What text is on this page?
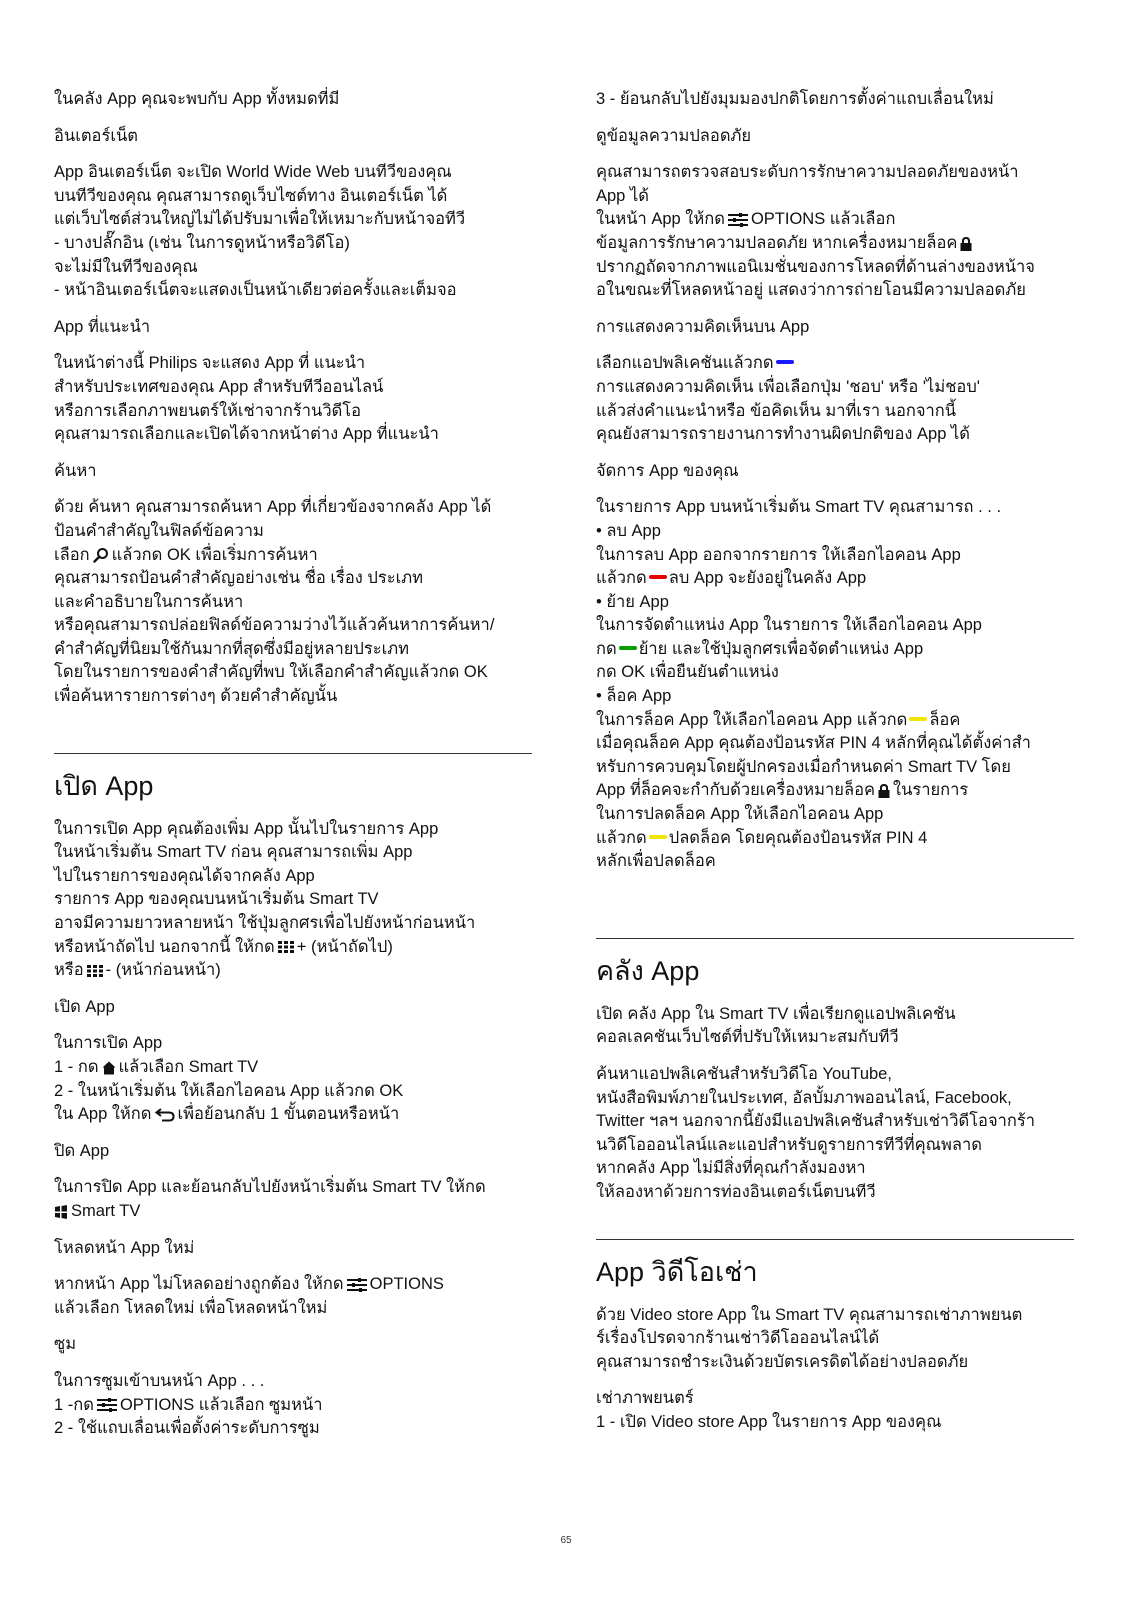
ในคลัง App คุณจะพบกับ App ทั้งหมดที่มี
อินเตอร์เน็ต
App อินเตอร์เน็ต จะเปิด World Wide Web บนทีวีของคุณ
บนทีวีของคุณ คุณสามารถดูเว็บไซต์ทาง อินเตอร์เน็ต ได้
แต่เว็บไซต์ส่วนใหญ่ไม่ได้ปรับมาเพื่อให้เหมาะกับหน้าจอทีวี
- บางปลั๊กอิน (เช่น ในการดูหน้าหรือวิดีโอ)
จะไม่มีในทีวีของคุณ
- หน้าอินเตอร์เน็ตจะแสดงเป็นหน้าเดียวต่อครั้งและเต็มจอ
App ที่แนะนำ
ในหน้าต่างนี้ Philips จะแสดง App ที่ แนะนำ
สำหรับประเทศของคุณ App สำหรับทีวีออนไลน์
หรือการเลือกภาพยนตร์ให้เช่าจากร้านวิดีโอ
คุณสามารถเลือกและเปิดได้จากหน้าต่าง App ที่แนะนำ
ค้นหา
ด้วย ค้นหา คุณสามารถค้นหา App ที่เกี่ยวข้องจากคลัง App ได้
ป้อนคำสำคัญในฟิลด์ข้อความ
เลือก แล้วกด OK เพื่อเริ่มการค้นหา
คุณสามารถป้อนคำสำคัญอย่างเช่น ชื่อ เรื่อง ประเภท
และคำอธิบายในการค้นหา
หรือคุณสามารถปล่อยฟิลด์ข้อความว่างไว้แล้วค้นหาการค้นหา/
คำสำคัญที่นิยมใช้กันมากที่สุดซึ่งมีอยู่หลายประเภท
โดยในรายการของคำสำคัญที่พบ ให้เลือกคำสำคัญแล้วกด OK
เพื่อค้นหารายการต่างๆ ด้วยคำสำคัญนั้น
เปิด App
ในการเปิด App คุณต้องเพิ่ม App นั้นไปในรายการ App
ในหน้าเริ่มต้น Smart TV ก่อน คุณสามารถเพิ่ม App
ไปในรายการของคุณได้จากคลัง App
รายการ App ของคุณบนหน้าเริ่มต้น Smart TV
อาจมีความยาวหลายหน้า ใช้ปุ่มลูกศรเพื่อไปยังหน้าก่อนหน้า
หรือหน้าถัดไป นอกจากนี้ ให้กด + (หน้าถัดไป)
หรือ - (หน้าก่อนหน้า)
เปิด App
ในการเปิด App
1 - กด แล้วเลือก Smart TV
2 - ในหน้าเริ่มต้น ให้เลือกไอคอน App แล้วกด OK
ใน App ให้กด เพื่อย้อนกลับ 1 ขั้นตอนหรือหน้า
ปิด App
ในการปิด App และย้อนกลับไปยังหน้าเริ่มต้น Smart TV ให้กด
Smart TV
โหลดหน้า App ใหม่
หากหน้า App ไม่โหลดอย่างถูกต้อง ให้กด OPTIONS
แล้วเลือก โหลดใหม่ เพื่อโหลดหน้าใหม่
ซูม
ในการซูมเข้าบนหน้า App . . .
1 -กด OPTIONS แล้วเลือก ซูมหน้า
2 - ใช้แถบเลื่อนเพื่อตั้งค่าระดับการซูม
3 - ย้อนกลับไปยังมุมมองปกติโดยการตั้งค่าแถบเลื่อนใหม่
ดูข้อมูลความปลอดภัย
คุณสามารถตรวจสอบระดับการรักษาความปลอดภัยของหน้า
App ได้
ในหน้า App ให้กด OPTIONS แล้วเลือก
ข้อมูลการรักษาความปลอดภัย หากเครื่องหมายล็อค
ปรากฏถัดจากภาพแอนิเมชั่นของการโหลดที่ด้านล่างของหน้าจ
อในขณะที่โหลดหน้าอยู่ แสดงว่าการถ่ายโอนมีความปลอดภัย
การแสดงความคิดเห็นบน App
เลือกแอปพลิเคชันแล้วกด
การแสดงความคิดเห็น เพื่อเลือกปุ่ม 'ชอบ' หรือ 'ไม่ชอบ'
แล้วส่งคำแนะนำหรือ ข้อคิดเห็น มาที่เรา นอกจากนี้
คุณยังสามารถรายงานการทำงานผิดปกติของ App ได้
จัดการ App ของคุณ
ในรายการ App บนหน้าเริ่มต้น Smart TV คุณสามารถ . . .
• ลบ App
ในการลบ App ออกจากรายการ ให้เลือกไอคอน App
แล้วกด ลบ App จะยังอยู่ในคลัง App
• ย้าย App
ในการจัดตำแหน่ง App ในรายการ ให้เลือกไอคอน App
กด ย้าย และใช้ปุ่มลูกศรเพื่อจัดตำแหน่ง App
กด OK เพื่อยืนยันตำแหน่ง
• ล็อค App
ในการล็อค App ให้เลือกไอคอน App แล้วกด ล็อค
เมื่อคุณล็อค App คุณต้องป้อนรหัส PIN 4 หลักที่คุณได้ตั้งค่าสำ
หรับการควบคุมโดยผู้ปกครองเมื่อกำหนดค่า Smart TV โดย
App ที่ล็อคจะกำกับด้วยเครื่องหมายล็อค ในรายการ
ในการปลดล็อค App ให้เลือกไอคอน App
แล้วกด ปลดล็อค โดยคุณต้องป้อนรหัส PIN 4
หลักเพื่อปลดล็อค
คลัง App
เปิด คลัง App ใน Smart TV เพื่อเรียกดูแอปพลิเคชัน
คอลเลคชันเว็บไซต์ที่ปรับให้เหมาะสมกับทีวี
ค้นหาแอปพลิเคชันสำหรับวิดีโอ YouTube,
หนังสือพิมพ์ภายในประเทศ, อัลบั้มภาพออนไลน์, Facebook,
Twitter ฯลฯ นอกจากนี้ยังมีแอปพลิเคชันสำหรับเช่าวิดีโอจากร้า
นวิดีโอออนไลน์และแอปสำหรับดูรายการทีวีที่คุณพลาด
หากคลัง App ไม่มีสิ่งที่คุณกำลังมองหา
ให้ลองหาด้วยการท่องอินเตอร์เน็ตบนทีวี
App วิดีโอเช่า
ด้วย Video store App ใน Smart TV คุณสามารถเช่าภาพยนต
ร์เรื่องโปรดจากร้านเช่าวิดีโอออนไลน์ได้
คุณสามารถชำระเงินด้วยบัตรเครดิตได้อย่างปลอดภัย
เช่าภาพยนตร์
1 - เปิด Video store App ในรายการ App ของคุณ
65
